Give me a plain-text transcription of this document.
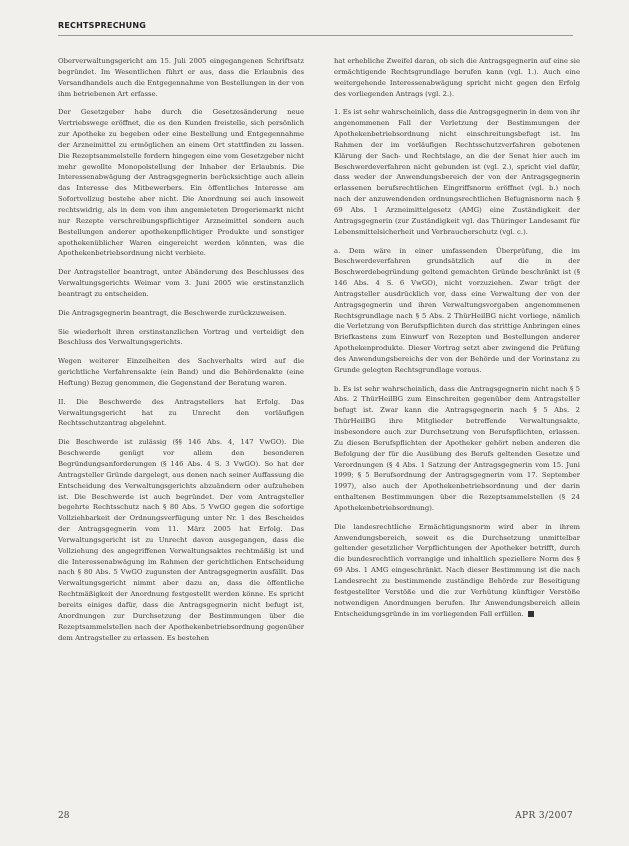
RECHTSPRECHUNG

Oberverwaltungsgericht am 15. Juli 2005 eingegangenen Schriftsatz begründet. Im Wesentlichen führt er aus, dass die Erlaubnis des Versandhandels auch die Entgegennahme von Bestellungen in der von ihm betriebenen Art erfasse.

Der Gesetzgeber habe durch die Gesetzesänderung neue Vertriebswege eröffnet, die es den Kunden freistelle, sich persönlich zur Apotheke zu begeben oder eine Bestellung und Entgegennahme der Arzneimittel zu ermöglichen an einem Ort stattfinden zu lassen. Die Rezeptsammelstelle fordern hingegen eine vom Gesetzgeber nicht mehr gewollte Monopolstellung der Inhaber der Erlaubnis. Die Interessenabwägung der Antragsgegnerin berücksichtige auch allein das Interesse des Mitbewerbers. Ein öffentliches Interesse am Sofortvollzug bestehe aber nicht. Die Anordnung sei auch insoweit rechtswidrig, als in dem von ihm angemieteten Drogeriemarkt nicht nur Rezepte verschreibungspflichtiger Arzneimittel sondern auch Bestellungen anderer apothekenpflichtiger Produkte und sonstiger apothekenüblicher Waren eingereicht werden könnten, was die Apothekenbetriebsordnung nicht verbiete.

Der Antragsteller beantragt, unter Abänderung des Beschlusses des Verwaltungsgerichts Weimar vom 3. Juni 2005 wie erstinstanzlich beantragt zu entscheiden.

Die Antragsgegnerin beantragt, die Beschwerde zurückzuweisen.

Sie wiederholt ihren erstinstanzlichen Vortrag und verteidigt den Beschluss des Verwaltungsgerichts.

Wegen weiterer Einzelheiten des Sachverhalts wird auf die gerichtliche Verfahrensakte (ein Band) und die Behördenakte (eine Heftung) Bezug genommen, die Gegenstand der Beratung waren.

II. Die Beschwerde des Antragstellers hat Erfolg. Das Verwaltungsgericht hat zu Unrecht den vorläufigen Rechtsschutzantrag abgelehnt.

Die Beschwerde ist zulässig (§§ 146 Abs. 4, 147 VwGO). Die Beschwerde genügt vor allem den besonderen Begründungsanforderungen (§ 146 Abs. 4 S. 3 VwGO). So hat der Antragsteller Gründe dargelegt, aus denen nach seiner Auffassung die Entscheidung des Verwaltungsgerichts abzuändern oder aufzuheben ist. Die Beschwerde ist auch begründet. Der vom Antragsteller begehrte Rechtsschutz nach § 80 Abs. 5 VwGO gegen die sofortige Vollziehbarkeit der Ordnungsverfügung unter Nr. 1 des Bescheides der Antragsgegnerin vom 11. März 2005 hat Erfolg. Das Verwaltungsgericht ist zu Unrecht davon ausgegangen, dass die Vollziehung des angegriffenen Verwaltungsaktes rechtmäßig ist und die Interessenabwägung im Rahmen der gerichtlichen Entscheidung nach § 80 Abs. 5 VwGO zugunsten der Antragsgegnerin ausfällt. Das Verwaltungsgericht nimmt aber dazu an, dass die öffentliche Rechtmäßigkeit der Anordnung festgestellt werden könne. Es spricht bereits einiges dafür, dass die Antragsgegnerin nicht befugt ist, Anordnungen zur Durchsetzung der Bestimmungen über die Rezeptsammelstellen nach der Apothekenbetriebsordnung gegenüber dem Antragsteller zu erlassen. Es bestehen

hat erhebliche Zweifel daran, ob sich die Antragsgegnerin auf eine sie ermächtigende Rechtsgrundlage berufen kann (vgl. 1.). Auch eine weitergehende Interessenabwägung spricht nicht gegen den Erfolg des vorliegenden Antrags (vgl. 2.).

1. Es ist sehr wahrscheinlich, dass die Antragsgegnerin in dem von ihr angenommenen Fall der Verletzung der Bestimmungen der Apothekenbetriebsordnung nicht einschreitungsbefugt ist. Im Rahmen der im vorläufigen Rechtsschutzverfahren gebotenen Klärung der Sach- und Rechtslage, an die der Senat hier auch im Beschwerdeverfahren nicht gebunden ist (vgl. 2.), spricht viel dafür, dass weder der Anwendungsbereich der von der Antragsgegnerin erlassenen berufsrechtlichen Eingriffsnorm eröffnet (vgl. b.) noch nach der anzuwendenden ordnungsrechtlichen Befugnisnorm nach § 69 Abs. 1 Arzneimittelgesetz (AMG) eine Zuständigkeit der Antragsgegnerin (zur Zuständigkeit vgl. das Thüringer Landesamt für Lebensmittelsicherheit und Verbraucherschutz (vgl. c.).

a. Dem wäre in einer umfassenden Überprüfung, die im Beschwerdeverfahren grundsätzlich auf die in der Beschwerdebegründung geltend gemachten Gründe beschränkt ist (§ 146 Abs. 4 S. 6 VwGO), nicht vorzuziehen. Zwar trägt der Antragsteller ausdrücklich vor, dass eine Verwaltung der von der Antragsgegnerin und ihren Verwaltungsvorgaben angenommenen Rechtsgrundlage nach § 5 Abs. 2 ThürHeilBG nicht vorliege, nämlich die Verletzung von Berufspflichten durch das strittige Anbringen eines Briefkastens zum Einwurf von Rezepten und Bestellungen anderer Apothekenprodukte. Dieser Vortrag setzt aber zwingend die Prüfung des Anwendungsbereichs der von der Behörde und der Vorinstanz zu Grunde gelegten Rechtsgrundlage voraus.

b. Es ist sehr wahrscheinlich, dass die Antragsgegnerin nicht nach § 5 Abs. 2 ThürHeilBG zum Einschreiten gegenüber dem Antragsteller befugt ist. Zwar kann die Antragsgegnerin nach § 5 Abs. 2 ThürHeilBG ihre Mitglieder betreffende Verwaltungsakte, insbesondere auch zur Durchsetzung von Berufspflichten, erlassen. Zu diesen Berufspflichten der Apotheker gehört neben anderen die Befolgung der für die Ausübung des Berufs geltenden Gesetze und Verordnungen (§ 4 Abs. 1 Satzung der Antragsgegnerin vom 15. Juni 1999; § 5 Berufsordnung der Antragsgegnerin vom 17. September 1997), also auch der Apothekenbetriebsordnung und der darin enthaltenen Bestimmungen über die Rezeptsammelstellen (§ 24 Apothekenbetriebsordnung).

Die landesrechtliche Ermächtigungsnorm wird aber in ihrem Anwendungsbereich, soweit es die Durchsetzung unmittelbar geltender gesetzlicher Verpflichtungen der Apotheker betrifft, durch die bundesrechtlich vorrangige und inhaltlich speziellere Norm des § 69 Abs. 1 AMG eingeschränkt. Nach dieser Bestimmung ist die nach Landesrecht zu bestimmende zuständige Behörde zur Beseitigung festgestellter Verstöße und die zur Verhütung künftiger Verstöße notwendigen Anordnungen berufen. Ihr Anwendungsbereich allein Entscheidungsgründe in im vorliegenden Fall erfüllen.

28	APR 3/2007
